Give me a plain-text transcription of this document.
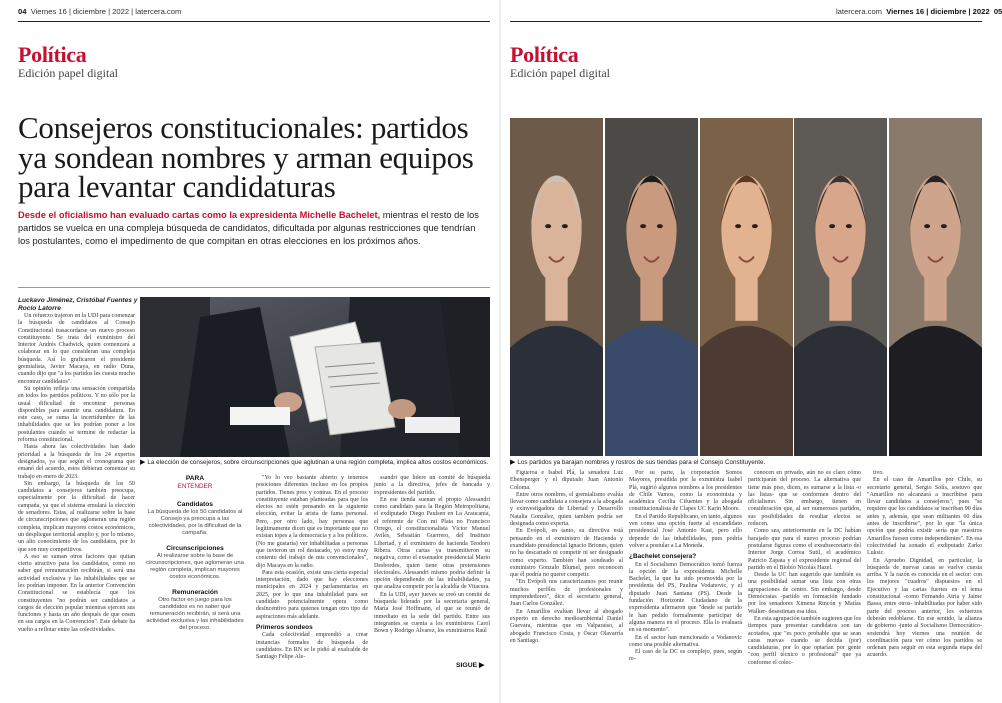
04 Viernes 16 | diciembre | 2022 | latercera.com
Política
Edición papel digital
Consejeros constitucionales: partidos ya sondean nombres y arman equipos para levantar candidaturas
Desde el oficialismo han evaluado cartas como la expresidenta Michelle Bachelet, mientras el resto de los partidos se vuelca en una compleja búsqueda de candidatos, dificultada por algunas restricciones que tendrían los postulantes, como el impedimento de que compitan en otras elecciones en los próximos años.
Luckavo Jiménez, Cristóbal Fuentes y Rocío Latorre

Un refuerzo trajeron en la UDI para comenzar la búsqueda de candidatos al Consejo Constitucional trasacordarse un nuevo proceso constituyente. Se trata del exministro del Interior Andrés Chadwick, quien comenzará a colaborar en lo que consideran una compleja búsqueda. Así lo graficaron el presidente gremialista, Javier Macaya, en radio Duna, cuando dijo que "a los partidos les cuesta mucho encontrar candidatos".

Su opinión refleja una sensación compartida en todos los partidos políticos. Y no sólo por la usual dificultad de encontrar personas disponibles para asumir una candidatura. En este caso, se suma la incertidumbre de las inhabilidades que se les podrían poner a los postulantes cuando se termine de redactar la reforma constitucional.

Hasta ahora las colectividades han dado prioridad a la búsqueda de los 24 expertos designados, ya que según el cronograma que emanó del acuerdo, estos debieran comenzar su trabajo en enero de 2023.

Sin embargo, la búsqueda de los 50 candidatos a consejeros también preocupa, especialmente por la dificultad de hacer campaña, ya que el sistema emulará la elección de senadores. Estas, al realizarse sobre la base de circunscripciones que aglomeran una región completa, implican mayores costos económicos, un despliegue territorial amplio y, por lo mismo, un alto conocimiento de los candidatos, por lo que son muy competitivos.

A eso se suman otros factores que quitan cierto atractivo para los candidatos, como no saber qué remuneración recibirán, si será una actividad exclusiva y las inhabilidades que se les podrían imponer. En la anterior Convención Constitucional se establecía que los constituyentes "no podrán ser candidatos a cargos de elección popular mientras ejercen sus funciones y hasta un año después de que cesen en sus cargos en la Convención". Este debate ha vuelto a reflotar entre las colectividades.

▶ La elección de consejeros, sobre circunscripciones que aglutinan a una región completa, implica altos costos económicos.
PARA
ENTENDER
Candidatos
La búsqueda de los 50 candidatos al Consejo ya preocupa a las colectividades, por la dificultad de la campaña.
Circunscripciones
Al realizarse sobre la base de circunscripciones, que aglomeran una región completa, implican mayores costos económicos.
Remuneración
Otro factor en juego para los candidatos es no saber qué remuneración recibirán, si será una actividad exclusiva y las inhabilidades del proceso.

"Yo lo veo bastante abierto y tenemos posiciones diferentes incluso en los propios partidos. Tienes pros y contras. En el proceso constituyente estaban planteadas para que los electos no estén pensando en la siguiente elección, evitar la arista de fama personal. Pero, por otro lado, hay personas que legítimamente dicen que es importante que no existan topes a la democracia y a los políticos. (No me gustaría) ver inhabilitadas a personas que tuvieron un rol destacado, yo estoy muy contento del trabajo de mis convencionales", dijo Macaya en la radio.

Para esta ocasión, existe una cierta especial interpretación, dado que hay elecciones municipales en 2024 y parlamentarias en 2025, por lo que una inhabilidad para ser candidato potencialmente opera como desincentivo para quienes tengan otro tipo de aspiraciones más adelante.

Primeros sondeos

Cada colectividad emprendió a crear instancias formales de búsqueda de candidatos. En RN se le pidió al exalcalde de Santiago Felipe Ale-

ssandri que lidere un comité de búsqueda junto a la directiva, jefes de bancada y expresidentes del partido.

En ese tienda suenan el propio Alessandri como candidato para la Región Metropolitana, el exdiputado Diego Paulsen en La Araucanía, el referente de Con mi Plata no Francisco Orrego, el constitucionalista Víctor Manuel Avilés, Sebastián Guerrero, del Instituto Libertad, y el exministro de hacienda Teodoro Ribera. Otras cartas ya transmitieron su negativa, como el exsenador presidencial Mario Desbordes, quien tiene otras pretensiones electorales. Alessandri mismo podría definir la opción dependiendo de las inhabilidades, ya que analiza competir por la alcaldía de Vitacura.

En la UDI, ayer jueves se creó un comité de búsqueda liderado por la secretaria general, María José Hoffmann, el que se reunió de inmediato en la sede del partido. Entre sus integrantes se cuenta a los exministros Carol Bown y Rodrigo Álvarez, los exministros Raúl

SIGUE ▶
latercera.com Viernes 16 | diciembre | 2022 05
Política
Edición papel digital
▶ Los partidos ya barajan nombres y rostros de sus tiendas para el Consejo Constituyente.

Figueroa e Isabel Plá, la senadora Luz Ebensperger y el diputado Juan Antonio Coloma.

Entre otros nombres, el gremialismo evalúa llevar como candidata a consejera a la abogada y exinvestigadora de Libertad y Desarrollo Natalia González, quien también podría ser designada como experta.

En Evópoli, en tanto, su directiva está pensando en el exministro de Hacienda y exandidato presidencial Ignacio Briones, quien no ha descartado ni competir ni ser designado como experto. También han sondeado al exministro Gonzalo Blumel, pero reconocen que él podría no querer competir.

"En Evópoli nos caracterizamos por reunir muchos perfiles de profesionales y emprendedores", dice el secretario general, Juan Carlos González.

En Amarillos evalúan llevar al abogado experto en derecho medioambiental Daniel Guevara, mientras que en Valparaíso, al abogado Francisco Costa, y Óscar Olavarría en Santiago.

Por su parte, la corporación Somos Mayores, presidida por la exministra Isabel Plá, sugirió algunos nombres a los presidentes de Chile Vamos, como la economista y académica Cecilia Cifuentes y la abogada constitucionalista de Clapes UC Karin Moore.

En el Partido Republicano, en tanto, algunos ven como una opción fuerte al excandidato presidencial José Antonio Kast, pero ello depende de las inhabilidades, pues podría volver a postular a La Moneda.

¿Bachelet consejera?

En el Socialismo Democrático tomó fuerza la opción de la expresidenta Michelle Bachelet, la que ha sido promovida por la presidenta del PS, Paulina Vodanovic, y el diputado Juan Santana (PS). Desde la fundación Horizonte Ciudadano de la expresidenta afirmaron que "desde su partido le han pedido formalmente participar de alguna manera en el proceso. Ella lo evaluará en su momento".

En el sector han mencionado a Vodanovic como una posible alternativa.

El caso de la DC es complejo, pues, según re-

conocen en privado, aún no es claro cómo participarán del proceso. La alternativa que tiene más piso, dicen, es sumarse a la lista -o las listas- que se conformen dentro del oficialismo. Sin embargo, tienen en consideración que, al ser numerosos partidos, sus posibilidades de resultar electos se reducen.

Como sea, anteriormente en la DC habían barajado que para el nuevo proceso podrían postularse figuras como el exsubsecretario del Interior Jorge Correa Sutil, el académico Patricio Zapata y el expresidente regional del partido en el Biobío Nicolás Hazel.

Desde la UC han sugerido que también es una posibilidad sumar una lista con otras agrupaciones de centro. Sin embargo, desde Demócratas -partido en formación fundado por los senadores Ximena Rincón y Matías Walker- desestiman esa idea.

En esta agrupación también sugieren que los tiempos para presentar candidatos son tan acotados, que "es poco probable que se sean caras nuevas cuando se decida (por) candidaturas, por lo que optarían por gente "con perfil técnico o profesional" que ya conforme el colec-

tivo.

En el caso de Amarillos por Chile, su secretario general, Sergio Solís, sostuvo que "Amarillos no alcanzará a inscribirse para llevar candidatos a consejeros", pues "se requiere que los candidatos se inscriban 90 días antes y, además, que sean militantes 60 días antes de inscribirse", por lo que "la única opción que podría existir sería que nuestros Amarillos fuesen como independientes". En esa colectividad ha sonado el exdiputado Zarko Luksic.

En Apruebo Dignidad, en particular, la búsqueda de nuevas caras se vuelve cuesta arriba. Y la razón es conocida en el sector: con los mejores "cuadros" dispuestos en el Ejecutivo y las cartas fuertes en el tema constitucional -como Fernando Atria y Jaime Bassa, entre otros- inhabilitadas por haber sido parte del proceso anterior, los esfuerzos deberán redoblarse. En ese sentido, la alianza de gobierno -junto al Socialismo Democrático- sostendrá hoy viernes una reunión de coordinación para ver cómo los partidos se ordenan para seguir en esta segunda etapa del acuerdo.
